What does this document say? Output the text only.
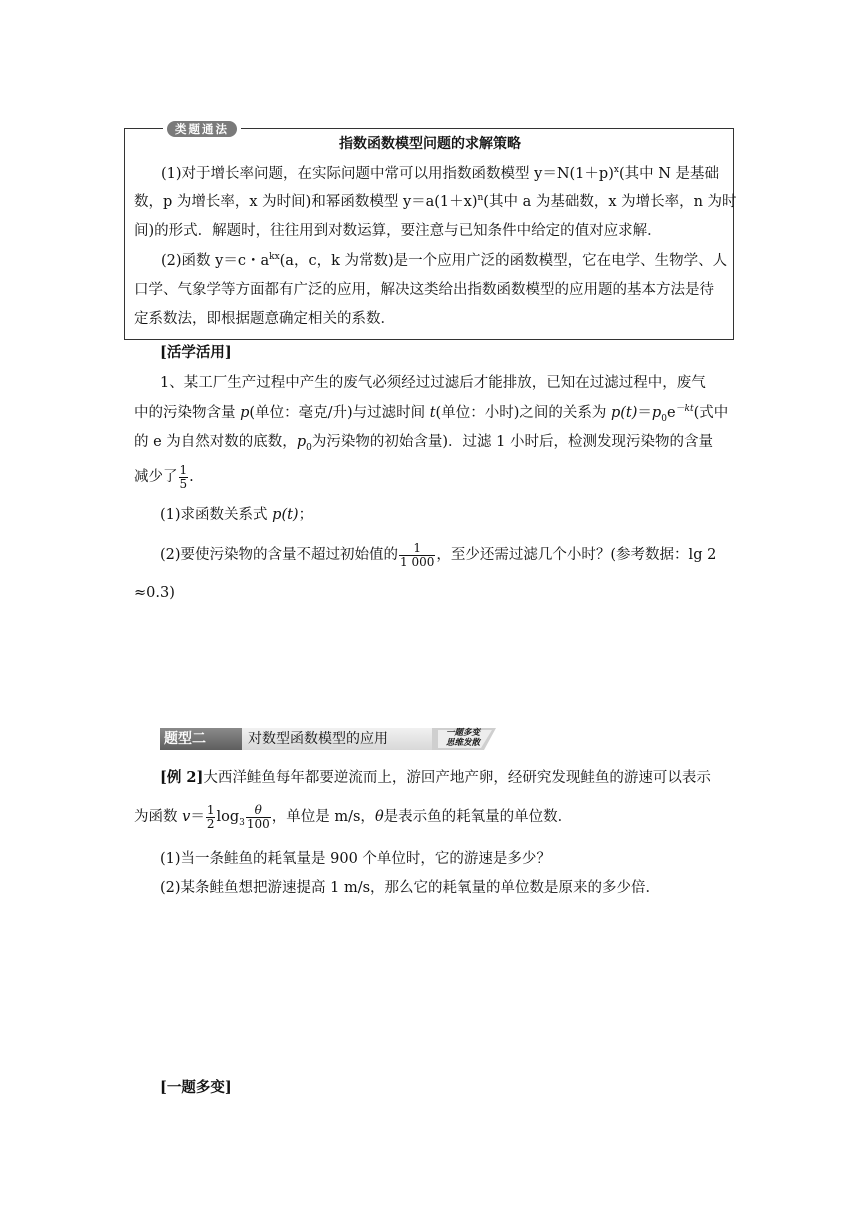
类题通法
指数函数模型问题的求解策略
(1)对于增长率问题，在实际问题中常可以用指数函数模型 $y=N(1+p)^x$(其中 N 是基础
数，p 为增长率，x 为时间)和幂函数模型 $y=a(1+x)^n$(其中 a 为基础数，x 为增长率，n 为时
间)的形式．解题时，往往用到对数运算，要注意与已知条件中给定的值对应求解．
(2)函数 y＝c・$a^{kx}(a$，c，k 为常数)是一个应用广泛的函数模型，它在电学、生物学、人
口学、气象学等方面都有广泛的应用，解决这类给出指数函数模型的应用题的基本方法是待
定系数法，即根据题意确定相关的系数．
[活学活用]
1、某工厂生产过程中产生的废气必须经过过滤后才能排放，已知在过滤过程中，废气
中的污染物含量 p(单位：毫克/升)与过滤时间 t(单位：小时)之间的关系为 $p(t)=p_0e^{-kt}$(式中
的 e 为自然对数的底数，$p_0$为污染物的初始含量)．过滤 1 小时后，检测发现污染物的含量
减少了 $\frac{1}{5}$ .
(1)求函数关系式 p(t)；
(2)要使污染物的含量不超过初始值的 $\frac{1}{1 000}$ ，至少还需过滤几个小时？(参考数据：lg 2
≈0.3)
题型二	对数型函数模型的应用	一题多变
思维发散
[例 2]大西洋鲑鱼每年都要逆流而上，游回产地产卵，经研究发现鲑鱼的游速可以表示
为函数 $v= \frac{1}{2} \log_3 \frac{\theta}{100}$ ，单位是 m/s，θ是表示鱼的耗氧量的单位数．
(1)当一条鲑鱼的耗氧量是 900 个单位时，它的游速是多少？
(2)某条鲑鱼想把游速提高 1 m/s，那么它的耗氧量的单位数是原来的多少倍．
[一题多变]
